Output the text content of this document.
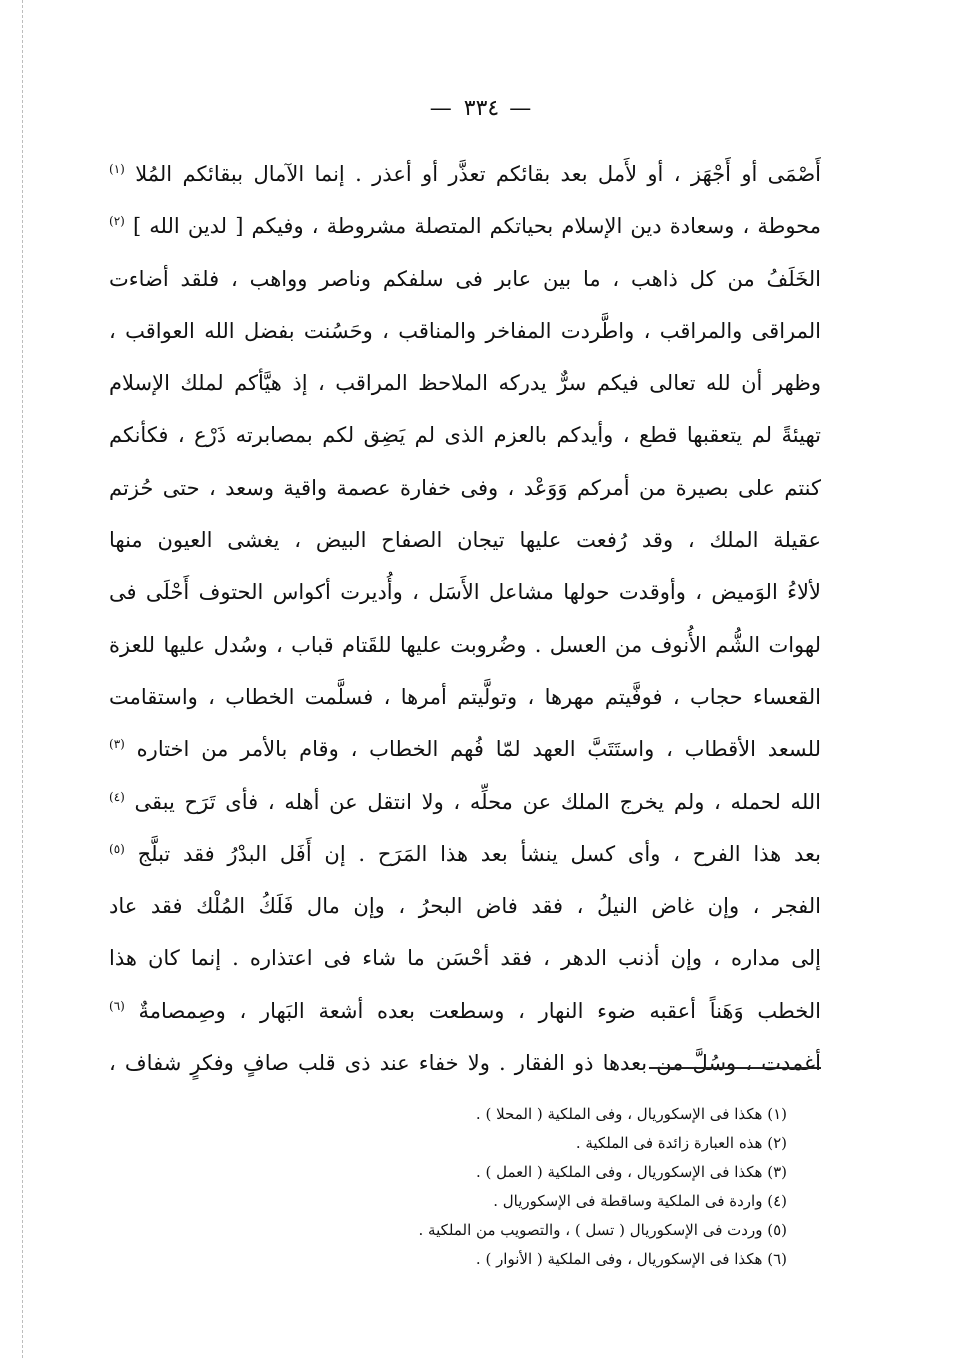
— ٣٣٤ —
أَصْمَى أو أَجْهَز ، أو لأَمل بعد بقائكم تعذَّر أو أعذر . إنما الآمال ببقائكم المُلا $^{(١)}$
محوطة ، وسعادة دين الإسلام بحياتكم المتصلة مشروطة ، وفيكم [ لدين الله ] $^{(٢)}$
الخَلَفُ من كل ذاهب ، ما بين عابر فى سلفكم وناصر وواهب ، فلقد أضاءت
المراقى والمراقب ، واطَّردت المفاخر والمناقب ، وحَسُنت بفضل الله العواقب ،
وظهر أن لله تعالى فيكم سرٌّ يدركه الملاحظ المراقب ، إذ هيَّأكم لملك الإسلام
تهيئةً لم يتعقبها قطع ، وأيدكم بالعزم الذى لم يَضِق لكم بمصابرته ذَرْع ، فكأنكم
كنتم على بصيرة من أمركم وَوَعْد ، وفى خفارة عصمة واقية وسعد ، حتى حُزتم
عقيلة الملك ، وقد رُفعت عليها تيجان الصفاح البيض ، يغشى العيون منها
لألاءُ الوَميض ، وأوقدت حولها مشاعل الأَسَل ، وأُديرت أكواس الحتوف أَحْلَى فى
لهوات الشُّم الأُنوف من العسل . وضُروبت عليها للقَتام قباب ، وسُدل عليها للعزة
القعساء حجاب ، فوفَّيتم مهرها ، وتولَّيتم أمرها ، فسلَّمت الخطاب ، واستقامت
للسعد الأقطاب ، واستَتَبَّ العهد لمّا فُهم الخطاب ، وقام بالأمر من اختاره $^{(٣)}$
الله لحمله ، ولم يخرج الملك عن محلِّه ، ولا انتقل عن أهله ، فأى تَرَح يبقى $^{(٤)}$
بعد هذا الفرح ، وأى كسل ينشأ بعد هذا المَرَح . إن أَفَل البدْرُ فقد تبلَّج $^{(٥)}$
الفجر ، وإن غاض النيلُ ، فقد فاض البحرُ ، وإن مال فَلَكُ المُلْك فقد عاد
إلى مداره ، وإن أذنب الدهر ، فقد أحْسَن ما شاء فى اعتذاره . إنما كان هذا
الخطب وَهَناً أعقبه ضوء النهار ، وسطعت بعده أشعة البَهار ، وصِمصامةٌ $^{(٦)}$
أغمدت ، وسُلَّ من بعدها ذو الفقار . ولا خفاء عند ذى قلب صافٍ وفكرٍ شفاف ،
(١) هكذا فى الإسكوريال ، وفى الملكية ( المحلا ) .
(٢) هذه العبارة زائدة فى الملكية .
(٣) هكذا فى الإسكوريال ، وفى الملكية ( العمل ) .
(٤) واردة فى الملكية وساقطة فى الإسكوريال .
(٥) وردت فى الإسكوريال ( تسل ) ، والتصويب من الملكية .
(٦) هكذا فى الإسكوريال ، وفى الملكية ( الأنوار ) .
